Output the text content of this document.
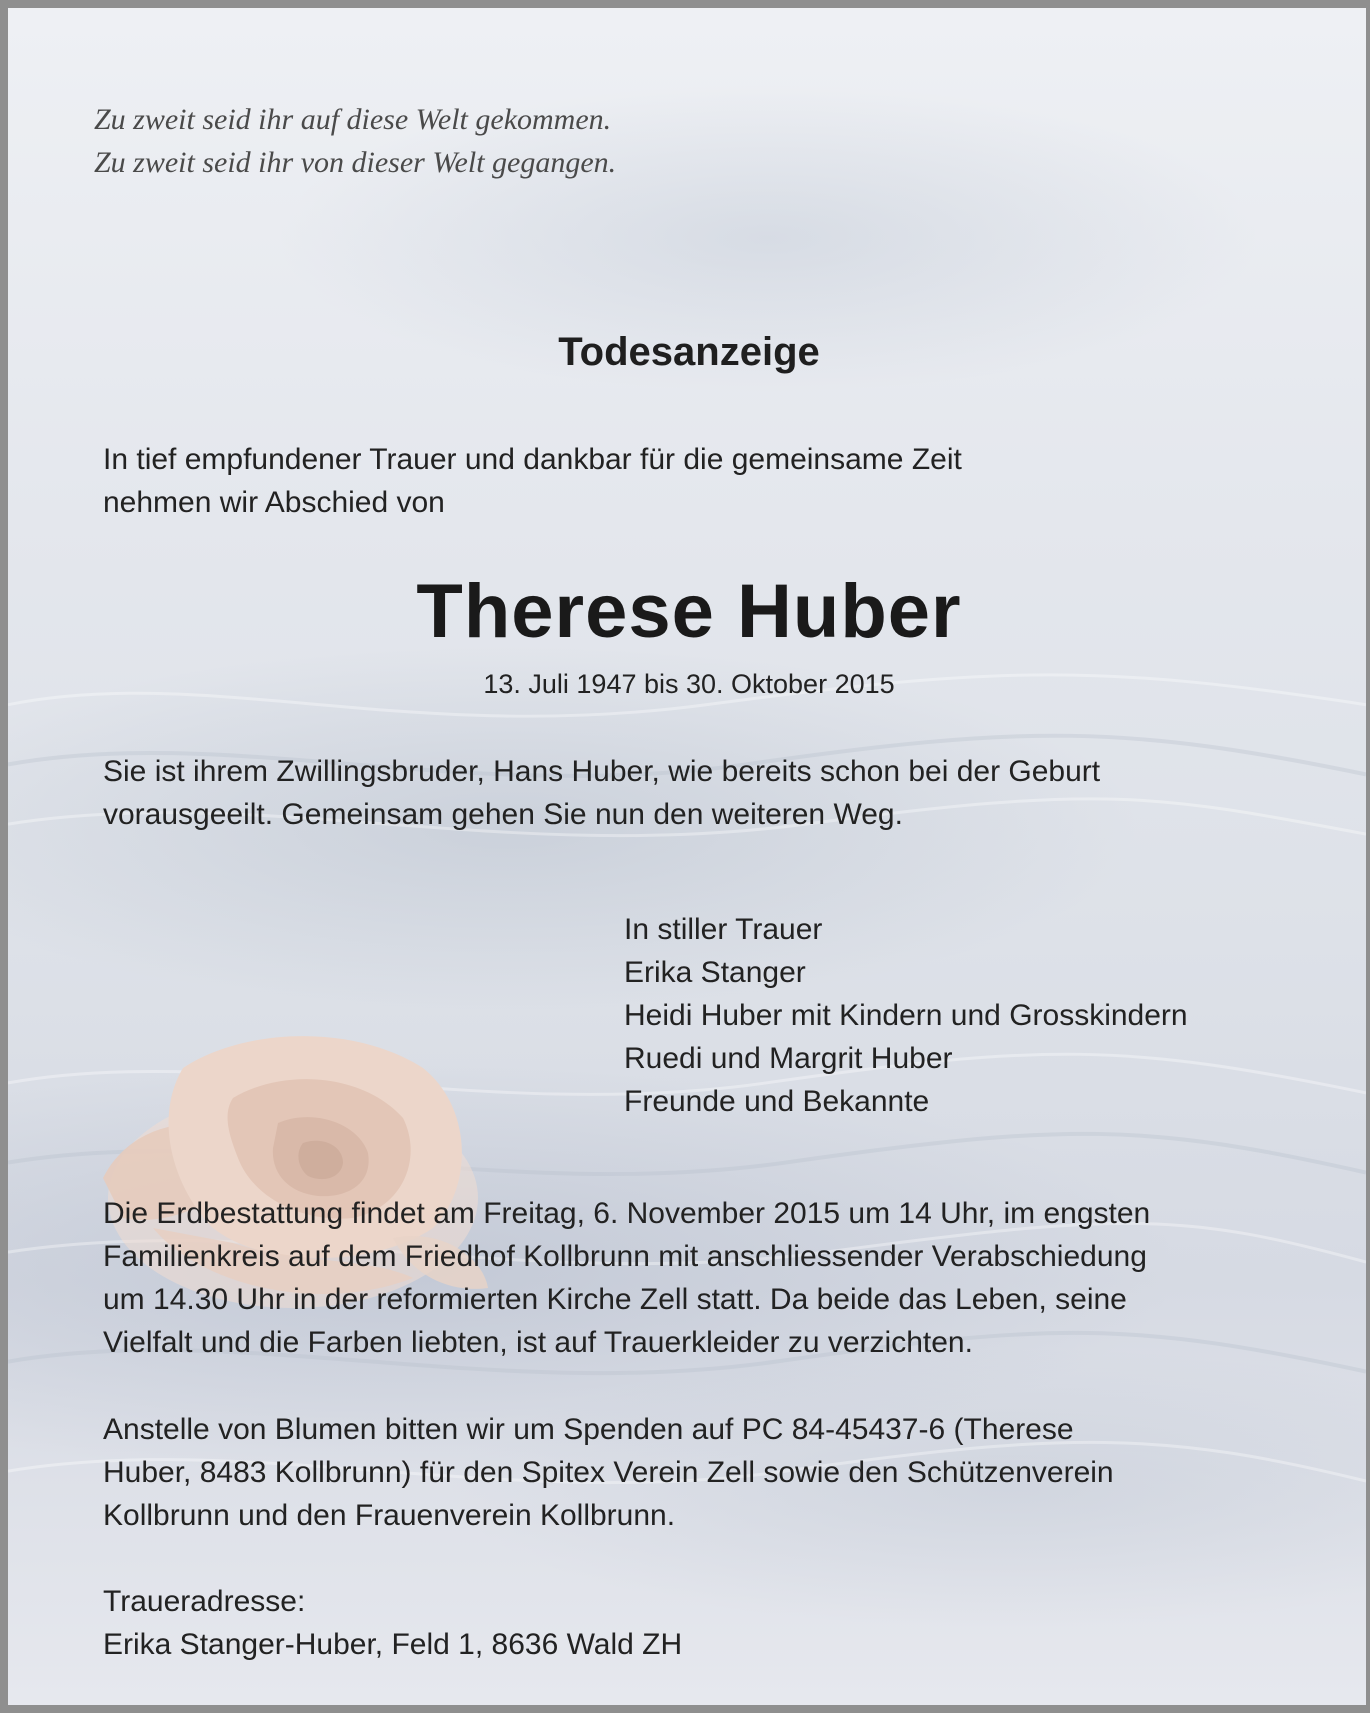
Zu zweit seid ihr auf diese Welt gekommen.
Zu zweit seid ihr von dieser Welt gegangen.
Todesanzeige
In tief empfundener Trauer und dankbar für die gemeinsame Zeit
nehmen wir Abschied von
Therese Huber
13. Juli 1947 bis 30. Oktober 2015
Sie ist ihrem Zwillingsbruder, Hans Huber, wie bereits schon bei der Geburt
vorausgeeilt. Gemeinsam gehen Sie nun den weiteren Weg.
In stiller Trauer
Erika Stanger
Heidi Huber mit Kindern und Grosskindern
Ruedi und Margrit Huber
Freunde und Bekannte
Die Erdbestattung findet am Freitag, 6. November 2015 um 14 Uhr, im engsten
Familienkreis auf dem Friedhof Kollbrunn mit anschliessender Verabschiedung
um 14.30 Uhr in der reformierten Kirche Zell statt. Da beide das Leben, seine
Vielfalt und die Farben liebten, ist auf Trauerkleider zu verzichten.
Anstelle von Blumen bitten wir um Spenden auf PC 84-45437-6 (Therese
Huber, 8483 Kollbrunn) für den Spitex Verein Zell sowie den Schützenverein
Kollbrunn und den Frauenverein Kollbrunn.
Traueradresse:
Erika Stanger-Huber, Feld 1, 8636 Wald ZH
